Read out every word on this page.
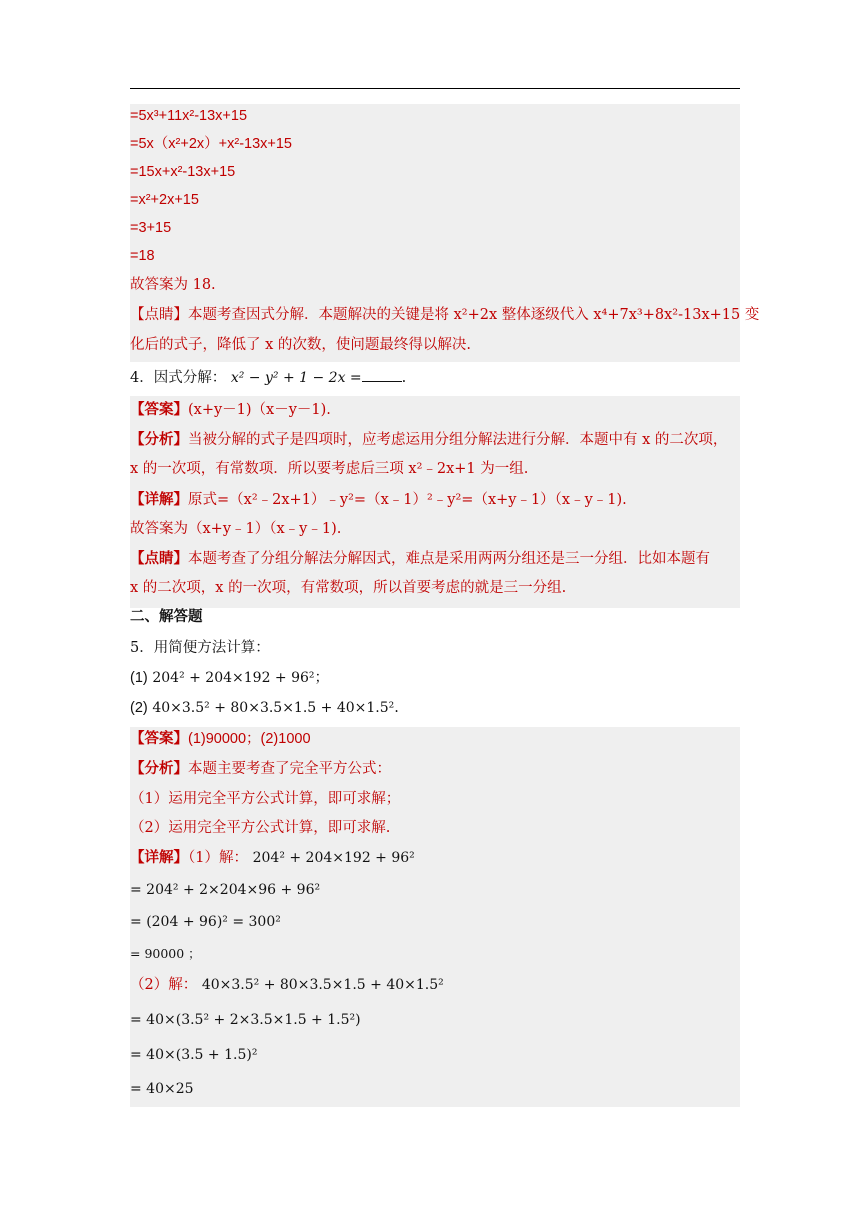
=5x³+11x²-13x+15
=5x（x²+2x）+x²-13x+15
=15x+x²-13x+15
=x²+2x+15
=3+15
=18
故答案为 18.
【点睛】本题考查因式分解．本题解决的关键是将 x²+2x 整体逐级代入 x⁴+7x³+8x²-13x+15 变
化后的式子，降低了 x 的次数，使问题最终得以解决.
4．因式分解： x² − y² + 1 − 2x =	.
【答案】(x+y－1)（x－y－1).
【分析】当被分解的式子是四项时，应考虑运用分组分解法进行分解．本题中有 x 的二次项，
x 的一次项，有常数项．所以要考虑后三项 x²﹣2x+1 为一组.
【详解】原式=（x²﹣2x+1）﹣y²=（x﹣1）²﹣y²=（x+y﹣1）（x﹣y﹣1).
故答案为（x+y﹣1）（x﹣y﹣1).
【点睛】本题考查了分组分解法分解因式，难点是采用两两分组还是三一分组．比如本题有
x 的二次项，x 的一次项，有常数项，所以首要考虑的就是三一分组.
二、解答题
5．用简便方法计算：
(1) 204² + 204×192 + 96²；
(2) 40×3.5² + 80×3.5×1.5 + 40×1.5².
【答案】(1)90000；(2)1000
【分析】本题主要考查了完全平方公式：
（1）运用完全平方公式计算，即可求解；
（2）运用完全平方公式计算，即可求解.
【详解】（1）解： 204² + 204×192 + 96²
= 204² + 2×204×96 + 96²
= (204 + 96)² = 300²
= 90000 ；
（2）解： 40×3.5² + 80×3.5×1.5 + 40×1.5²
= 40×(3.5² + 2×3.5×1.5 + 1.5²)
= 40×(3.5 + 1.5)²
= 40×25
